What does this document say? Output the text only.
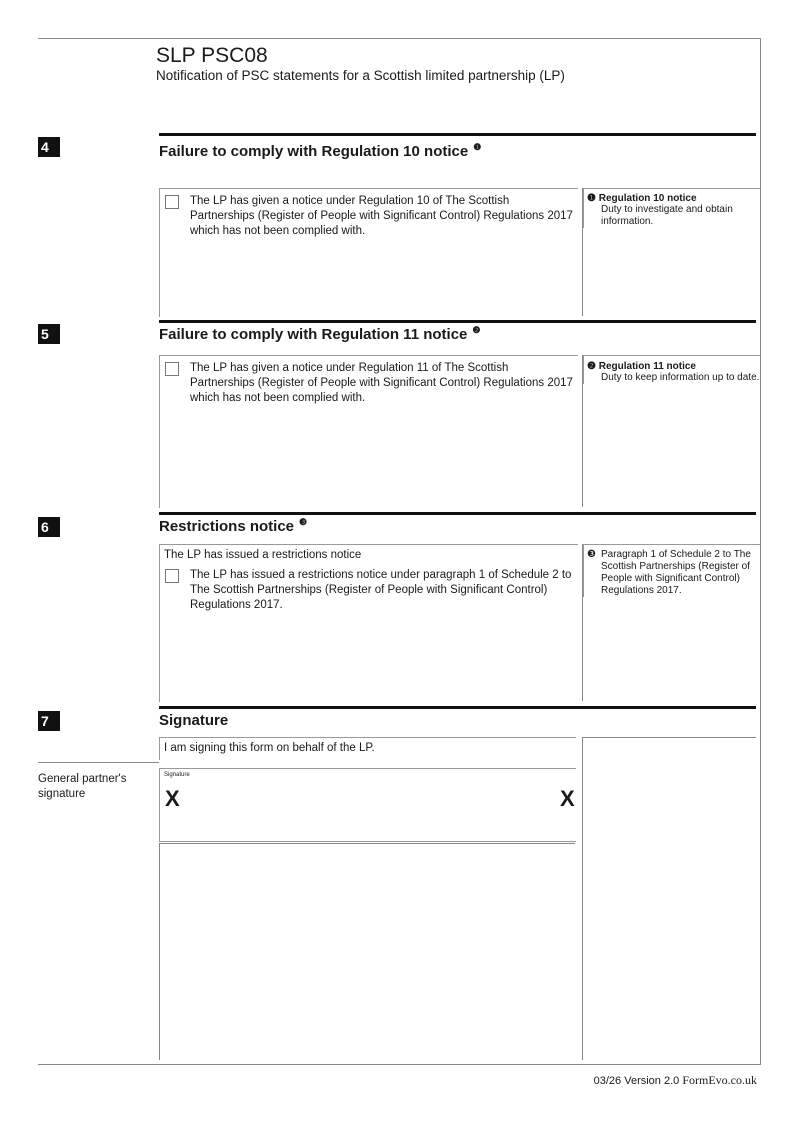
SLP PSC08
Notification of PSC statements for a Scottish limited partnership (LP)
4	Failure to comply with Regulation 10 notice $^❶$
The LP has given a notice under Regulation 10 of The Scottish Partnerships (Register of People with Significant Control) Regulations 2017 which has not been complied with.
❶ Regulation 10 notice
Duty to investigate and obtain information.
5	Failure to comply with Regulation 11 notice $^❷$
The LP has given a notice under Regulation 11 of The Scottish Partnerships (Register of People with Significant Control) Regulations 2017 which has not been complied with.
❷ Regulation 11 notice
Duty to keep information up to date.
6	Restrictions notice $^❸$
The LP has issued a restrictions notice
The LP has issued a restrictions notice under paragraph 1 of Schedule 2 to The Scottish Partnerships (Register of People with Significant Control) Regulations 2017.
❸ Paragraph 1 of Schedule 2 to The Scottish Partnerships (Register of People with Significant Control) Regulations 2017.
7	Signature
I am signing this form on behalf of the LP.
General partner's signature
Signature
X	X
03/26 Version 2.0 FormEvo.co.uk
